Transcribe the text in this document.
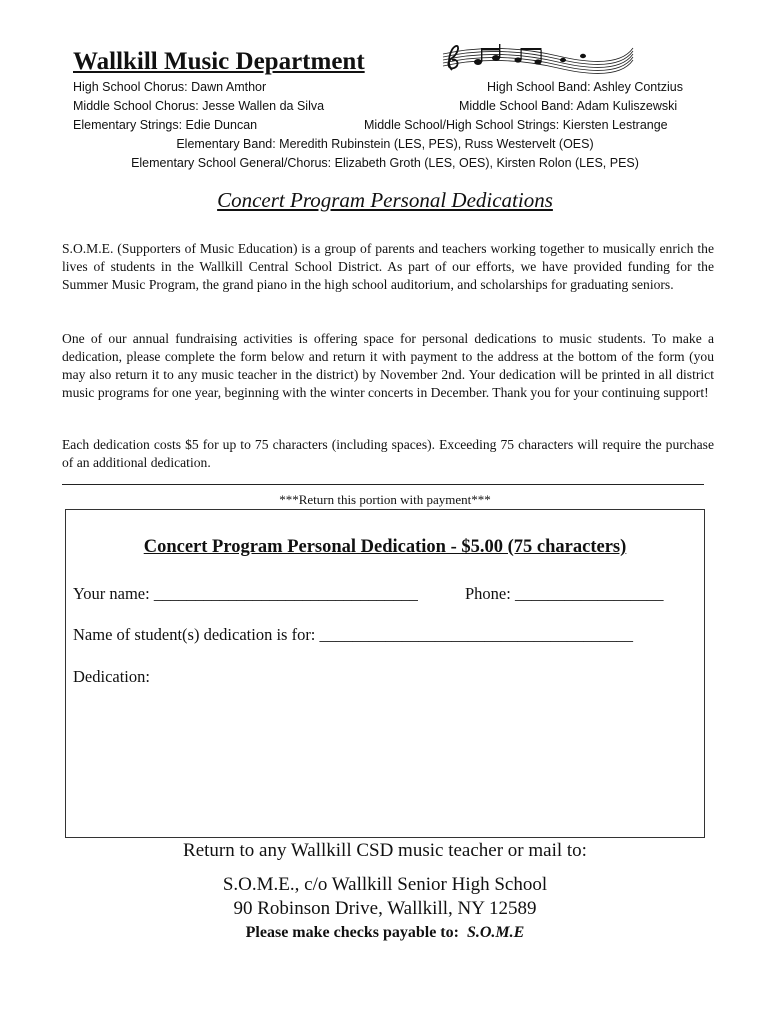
Wallkill Music Department
High School Chorus: Dawn Amthor	High School Band: Ashley Contzius
Middle School Chorus: Jesse Wallen da Silva	Middle School Band: Adam Kuliszewski
Elementary Strings: Edie Duncan	Middle School/High School Strings: Kiersten Lestrange
Elementary Band: Meredith Rubinstein (LES, PES), Russ Westervelt (OES)
Elementary School General/Chorus: Elizabeth Groth (LES, OES), Kirsten Rolon (LES, PES)
Concert Program Personal Dedications
S.O.M.E. (Supporters of Music Education) is a group of parents and teachers working together to musically enrich the lives of students in the Wallkill Central School District. As part of our efforts, we have provided funding for the Summer Music Program, the grand piano in the high school auditorium, and scholarships for graduating seniors.
One of our annual fundraising activities is offering space for personal dedications to music students. To make a dedication, please complete the form below and return it with payment to the address at the bottom of the form (you may also return it to any music teacher in the district) by November 2nd. Your dedication will be printed in all district music programs for one year, beginning with the winter concerts in December. Thank you for your continuing support!
Each dedication costs $5 for up to 75 characters (including spaces). Exceeding 75 characters will require the purchase of an additional dedication.
***Return this portion with payment***
Concert Program Personal Dedication - $5.00 (75 characters)
Your name: ________________________________	Phone: __________________
Name of student(s) dedication is for: ______________________________________
Dedication:
Return to any Wallkill CSD music teacher or mail to:
S.O.M.E., c/o Wallkill Senior High School
90 Robinson Drive, Wallkill, NY 12589
Please make checks payable to: S.O.M.E
